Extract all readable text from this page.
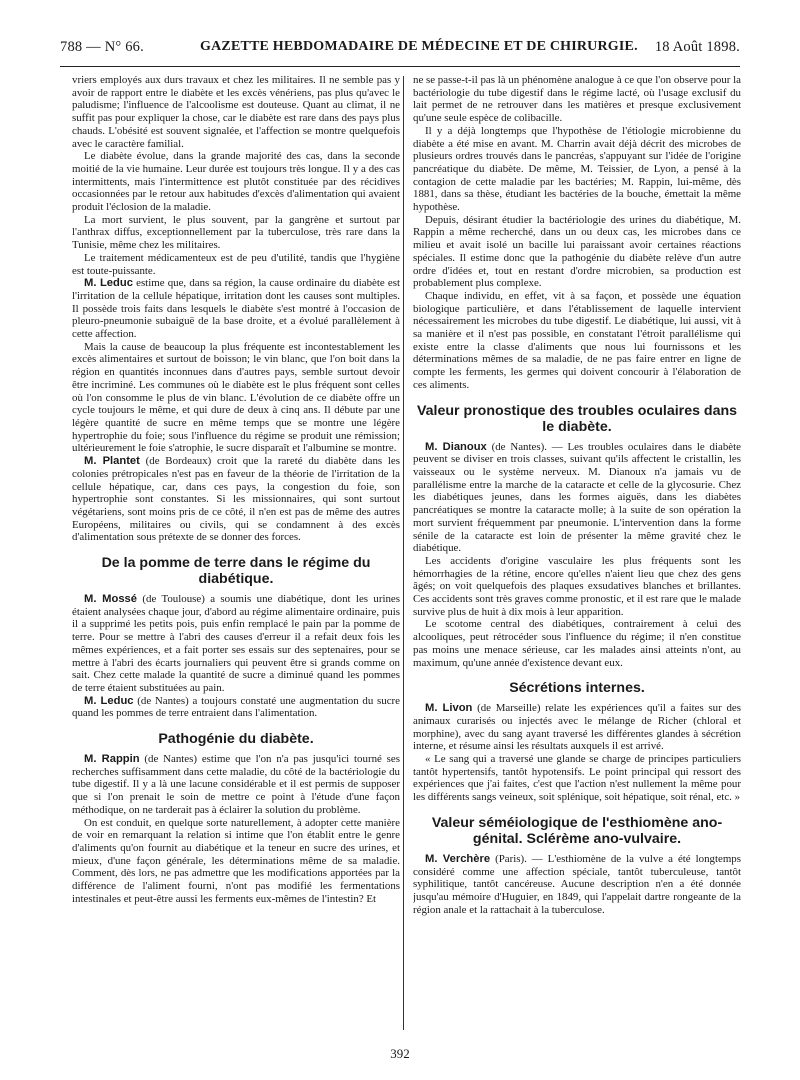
788 — N° 66.	GAZETTE HEBDOMADAIRE DE MÉDECINE ET DE CHIRURGIE. 18 Août 1898.

vriers employés aux durs travaux et chez les militaires. Il ne semble pas y avoir de rapport entre le diabète et les excès vénériens, pas plus qu'avec le paludisme; l'influence de l'alcoolisme est douteuse. Quant au climat, il ne suffit pas pour expliquer la chose, car le diabète est rare dans des pays plus chauds. L'obésité est souvent signalée, et l'affection se montre quelquefois avec le caractère familial.

Le diabète évolue, dans la grande majorité des cas, dans la seconde moitié de la vie humaine. Leur durée est toujours très longue. Il y a des cas intermittents, mais l'intermittence est plutôt constituée par des récidives occasionnées par le retour aux habitudes d'excès d'alimentation qui avaient produit l'éclosion de la maladie.

La mort survient, le plus souvent, par la gangrène et surtout par l'anthrax diffus, exceptionnellement par la tuberculose, très rare dans la Tunisie, même chez les militaires.

Le traitement médicamenteux est de peu d'utilité, tandis que l'hygiène est toute-puissante.

M. Leduc estime que, dans sa région, la cause ordinaire du diabète est l'irritation de la cellule hépatique, irritation dont les causes sont multiples. Il possède trois faits dans lesquels le diabète s'est montré à l'occasion de pleuro-pneumonie subaiguë de la base droite, et a évolué parallèlement à cette affection.

Mais la cause de beaucoup la plus fréquente est incontestablement les excès alimentaires et surtout de boisson; le vin blanc, que l'on boit dans la région en quantités inconnues dans d'autres pays, semble surtout devoir être incriminé. Les communes où le diabète est le plus fréquent sont celles où l'on consomme le plus de vin blanc. L'évolution de ce diabète offre un cycle toujours le même, et qui dure de deux à cinq ans. Il débute par une légère quantité de sucre en même temps que se montre une légère hypertrophie du foie; sous l'influence du régime se produit une rémission; ultérieurement le foie s'atrophie, le sucre disparaît et l'albumine se montre.

M. Plantet (de Bordeaux) croit que la rareté du diabète dans les colonies prétropicales n'est pas en faveur de la théorie de l'irritation de la cellule hépatique, car, dans ces pays, la congestion du foie, son hypertrophie sont constantes. Si les missionnaires, qui sont surtout végétariens, sont moins pris de ce côté, il n'en est pas de même des autres Européens, militaires ou civils, qui se condamnent à des excès d'alimentation sous prétexte de se donner des forces.

De la pomme de terre dans le régime du diabétique.

M. Mossé (de Toulouse) a soumis une diabétique, dont les urines étaient analysées chaque jour, d'abord au régime alimentaire ordinaire, puis il a supprimé les petits pois, puis enfin remplacé le pain par la pomme de terre. Pour se mettre à l'abri des causes d'erreur il a refait deux fois les mêmes expériences, et a fait porter ses essais sur des septenaires, pour se mettre à l'abri des écarts journaliers qui peuvent être si grands comme on sait. Chez cette malade la quantité de sucre a diminué quand les pommes de terre étaient substituées au pain.

M. Leduc (de Nantes) a toujours constaté une augmentation du sucre quand les pommes de terre entraient dans l'alimentation.

Pathogénie du diabète.

M. Rappin (de Nantes) estime que l'on n'a pas jusqu'ici tourné ses recherches suffisamment dans cette maladie, du côté de la bactériologie du tube digestif. Il y a là une lacune considérable et il est permis de supposer que si l'on prenait le soin de mettre ce point à l'étude d'une façon méthodique, on ne tarderait pas à éclairer la solution du problème.

On est conduit, en quelque sorte naturellement, à adopter cette manière de voir en remarquant la relation si intime que l'on établit entre le genre d'aliments qu'on fournit au diabétique et la teneur en sucre des urines, et mieux, d'une façon générale, les déterminations même de sa maladie. Comment, dès lors, ne pas admettre que les modifications apportées par la différence de l'aliment fourni, n'ont pas modifié les fermentations intestinales et peut-être aussi les ferments eux-mêmes de l'intestin? Et

ne se passe-t-il pas là un phénomène analogue à ce que l'on observe pour la bactériologie du tube digestif dans le régime lacté, où l'usage exclusif du lait permet de ne retrouver dans les matières et presque exclusivement qu'une seule espèce de colibacille.

Il y a déjà longtemps que l'hypothèse de l'étiologie microbienne du diabète a été mise en avant. M. Charrin avait déjà décrit des microbes de plusieurs ordres trouvés dans le pancréas, s'appuyant sur l'idée de l'origine pancréatique du diabète. De même, M. Teissier, de Lyon, a pensé à la contagion de cette maladie par les bactéries; M. Rappin, lui-même, dès 1881, dans sa thèse, étudiant les bactéries de la bouche, émettait la même hypothèse.

Depuis, désirant étudier la bactériologie des urines du diabétique, M. Rappin a même recherché, dans un ou deux cas, les microbes dans ce milieu et avait isolé un bacille lui paraissant avoir certaines réactions spéciales. Il estime donc que la pathogénie du diabète relève d'un autre ordre d'idées et, tout en restant d'ordre microbien, sa production est probablement plus complexe.

Chaque individu, en effet, vit à sa façon, et possède une équation biologique particulière, et dans l'établissement de laquelle intervient nécessairement les microbes du tube digestif. Le diabétique, lui aussi, vit à sa manière et il n'est pas possible, en constatant l'étroit parallélisme qui existe entre la classe d'aliments que nous lui fournissons et les déterminations mêmes de sa maladie, de ne pas faire entrer en ligne de compte les ferments, les germes qui doivent concourir à l'élaboration de ces aliments.

Valeur pronostique des troubles oculaires dans le diabète.

M. Dianoux (de Nantes). — Les troubles oculaires dans le diabète peuvent se diviser en trois classes, suivant qu'ils affectent le cristallin, les vaisseaux ou le système nerveux. M. Dianoux n'a jamais vu de parallélisme entre la marche de la cataracte et celle de la glycosurie. Chez les diabétiques jeunes, dans les formes aiguës, dans les diabètes pancréatiques se montre la cataracte molle; à la suite de son opération la mort survient fréquemment par pneumonie. L'intervention dans la forme sénile de la cataracte est loin de présenter la même gravité chez le diabétique.

Les accidents d'origine vasculaire les plus fréquents sont les hémorrhagies de la rétine, encore qu'elles n'aient lieu que chez des gens âgés; on voit quelquefois des plaques exsudatives blanches et brillantes. Ces accidents sont très graves comme pronostic, et il est rare que le malade survive plus de huit à dix mois à leur apparition.

Le scotome central des diabétiques, contrairement à celui des alcooliques, peut rétrocéder sous l'influence du régime; il n'en constitue pas moins une menace sérieuse, car les malades ainsi atteints n'ont, au maximum, qu'une année d'existence devant eux.

Sécrétions internes.

M. Livon (de Marseille) relate les expériences qu'il a faites sur des animaux curarisés ou injectés avec le mélange de Richer (chloral et morphine), avec du sang ayant traversé les différentes glandes à sécrétion interne, et résume ainsi les résultats auxquels il est arrivé.

« Le sang qui a traversé une glande se charge de principes particuliers tantôt hypertensifs, tantôt hypotensifs. Le point principal qui ressort des expériences que j'ai faites, c'est que l'action n'est nullement la même pour les différents sangs veineux, soit splénique, soit hépatique, soit rénal, etc. »

Valeur séméiologique de l'esthiomène ano-génital. Sclérème ano-vulvaire.

M. Verchère (Paris). — L'esthiomène de la vulve a été longtemps considéré comme une affection spéciale, tantôt tuberculeuse, tantôt syphilitique, tantôt cancéreuse. Aucune description n'en a été donnée jusqu'au mémoire d'Huguier, en 1849, qui l'appelait dartre rongeante de la région anale et la rattachait à la tuberculose.

392
